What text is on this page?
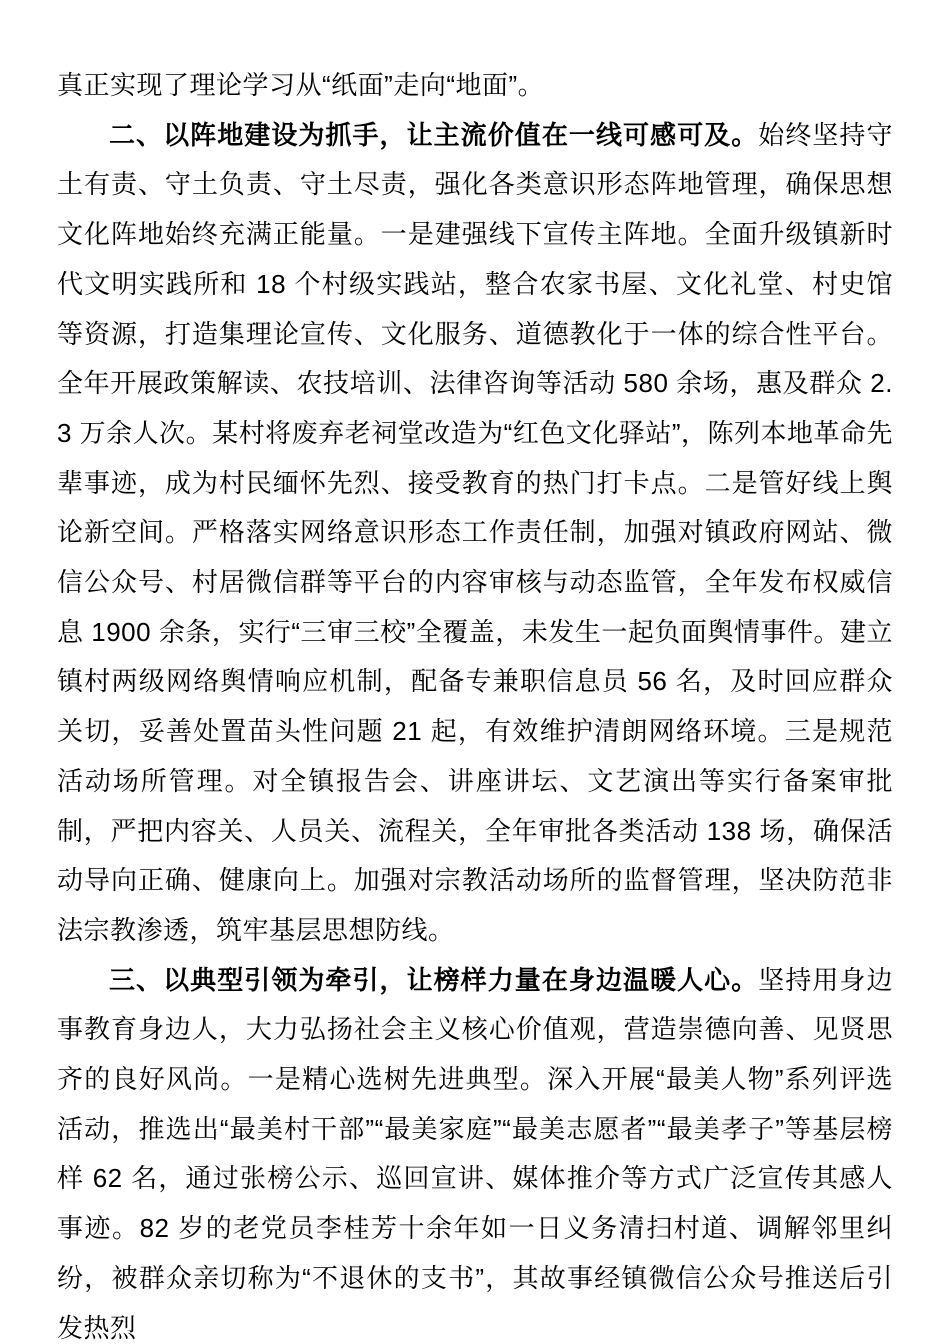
真正实现了理论学习从“纸面”走向“地面”。

二、以阵地建设为抓手，让主流价值在一线可感可及。始终坚持守土有责、守土负责、守土尽责，强化各类意识形态阵地管理，确保思想文化阵地始终充满正能量。一是建强线下宣传主阵地。全面升级镇新时代文明实践所和 18 个村级实践站，整合农家书屋、文化礼堂、村史馆等资源，打造集理论宣传、文化服务、道德教化于一体的综合性平台。全年开展政策解读、农技培训、法律咨询等活动 580 余场，惠及群众 2.3 万余人次。某村将废弃老祠堂改造为“红色文化驿站”，陈列本地革命先辈事迹，成为村民缅怀先烈、接受教育的热门打卡点。二是管好线上舆论新空间。严格落实网络意识形态工作责任制，加强对镇政府网站、微信公众号、村居微信群等平台的内容审核与动态监管，全年发布权威信息 1900 余条，实行“三审三校”全覆盖，未发生一起负面舆情事件。建立镇村两级网络舆情响应机制，配备专兼职信息员 56 名，及时回应群众关切，妥善处置苗头性问题 21 起，有效维护清朗网络环境。三是规范活动场所管理。对全镇报告会、讲座讲坛、文艺演出等实行备案审批制，严把内容关、人员关、流程关，全年审批各类活动 138 场，确保活动导向正确、健康向上。加强对宗教活动场所的监督管理，坚决防范非法宗教渗透，筑牢基层思想防线。

三、以典型引领为牵引，让榜样力量在身边温暖人心。坚持用身边事教育身边人，大力弘扬社会主义核心价值观，营造崇德向善、见贤思齐的良好风尚。一是精心选树先进典型。深入开展“最美人物”系列评选活动，推选出“最美村干部”“最美家庭”“最美志愿者”“最美孝子”等基层榜样 62 名，通过张榜公示、巡回宣讲、媒体推介等方式广泛宣传其感人事迹。82 岁的老党员李桂芳十余年如一日义务清扫村道、调解邻里纠纷，被群众亲切称为“不退休的支书”，其故事经镇微信公众号推送后引发热烈
